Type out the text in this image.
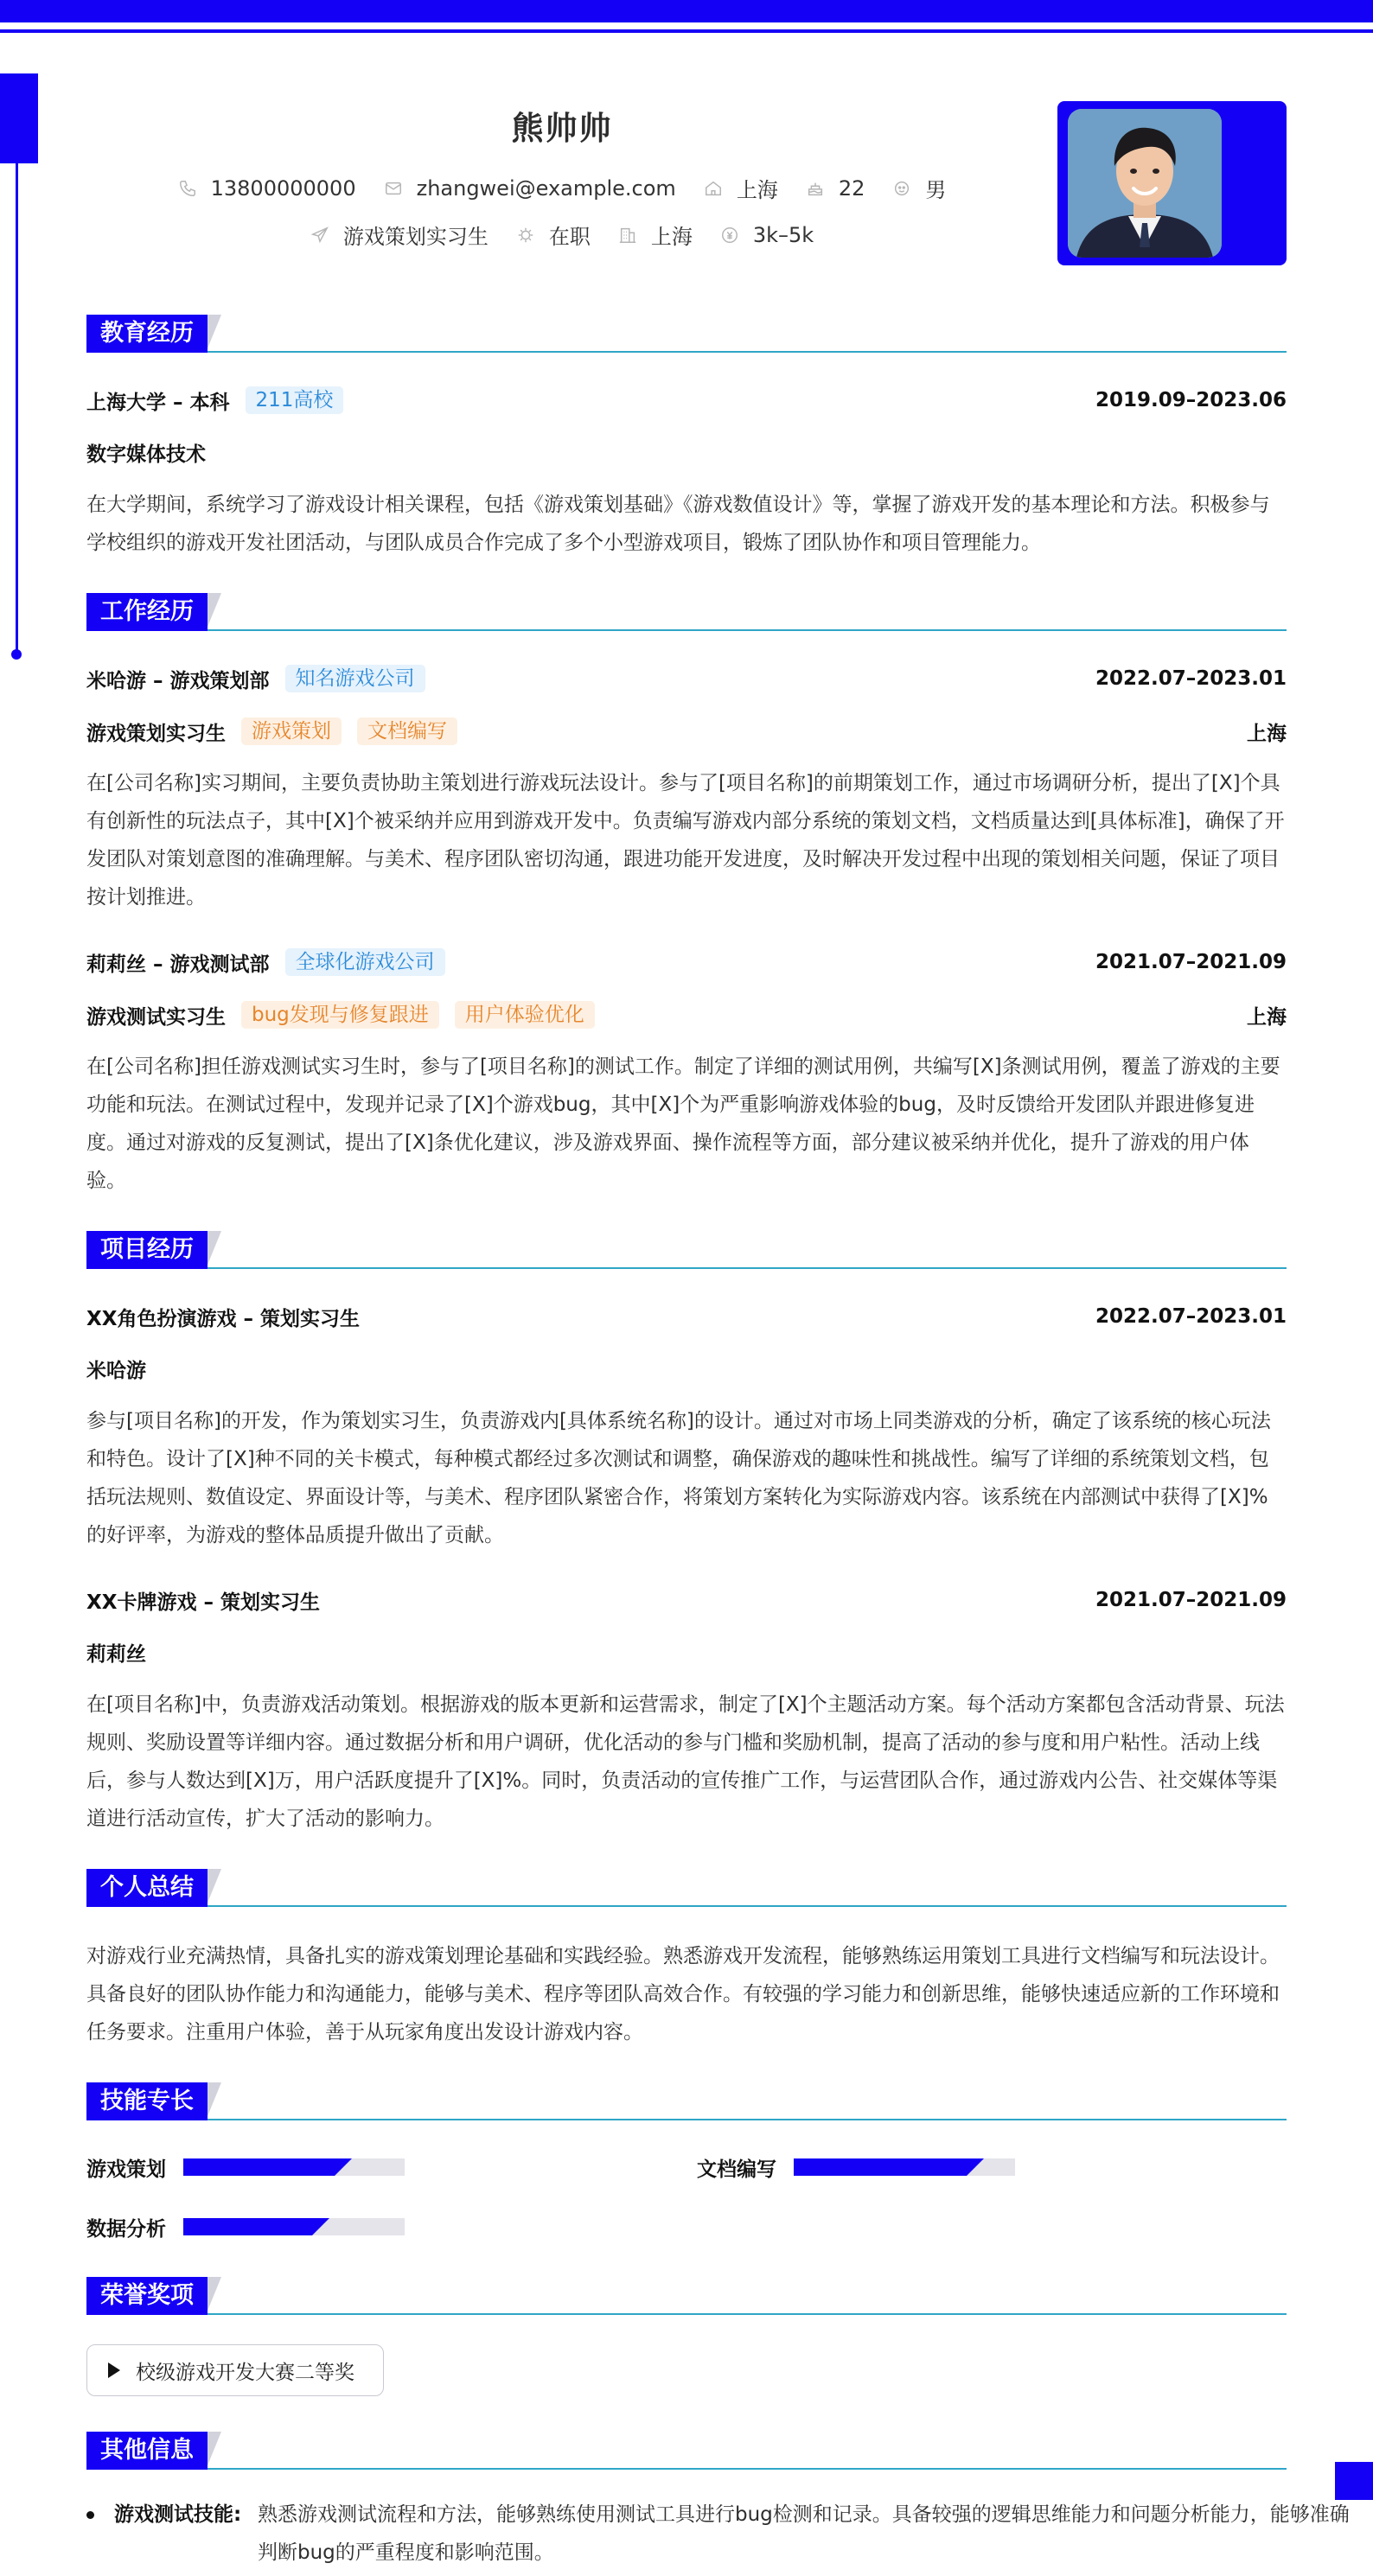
熊帅帅
13800000000	zhangwei@example.com	上海	22	男
游戏策划实习生	在职	上海	3k–5k
教育经历
上海大学 – 本科	211高校	2019.09–2023.06
数字媒体技术

在大学期间，系统学习了游戏设计相关课程，包括《游戏策划基础》《游戏数值设计》等，掌握了游戏开发的基本理论和方法。积极参与学校组织的游戏开发社团活动，与团队成员合作完成了多个小型游戏项目，锻炼了团队协作和项目管理能力。

工作经历
米哈游 – 游戏策划部	知名游戏公司	2022.07–2023.01
游戏策划实习生	游戏策划	文档编写	上海

在[公司名称]实习期间，主要负责协助主策划进行游戏玩法设计。参与了[项目名称]的前期策划工作，通过市场调研分析，提出了[X]个具有创新性的玩法点子，其中[X]个被采纳并应用到游戏开发中。负责编写游戏内部分系统的策划文档，文档质量达到[具体标准]，确保了开发团队对策划意图的准确理解。与美术、程序团队密切沟通，跟进功能开发进度，及时解决开发过程中出现的策划相关问题，保证了项目按计划推进。

莉莉丝 – 游戏测试部	全球化游戏公司	2021.07–2021.09
游戏测试实习生	bug发现与修复跟进	用户体验优化	上海

在[公司名称]担任游戏测试实习生时，参与了[项目名称]的测试工作。制定了详细的测试用例，共编写[X]条测试用例，覆盖了游戏的主要功能和玩法。在测试过程中，发现并记录了[X]个游戏bug，其中[X]个为严重影响游戏体验的bug，及时反馈给开发团队并跟进修复进度。通过对游戏的反复测试，提出了[X]条优化建议，涉及游戏界面、操作流程等方面，部分建议被采纳并优化，提升了游戏的用户体验。

项目经历
XX角色扮演游戏 – 策划实习生	2022.07–2023.01
米哈游

参与[项目名称]的开发，作为策划实习生，负责游戏内[具体系统名称]的设计。通过对市场上同类游戏的分析，确定了该系统的核心玩法和特色。设计了[X]种不同的关卡模式，每种模式都经过多次测试和调整，确保游戏的趣味性和挑战性。编写了详细的系统策划文档，包括玩法规则、数值设定、界面设计等，与美术、程序团队紧密合作，将策划方案转化为实际游戏内容。该系统在内部测试中获得了[X]%的好评率，为游戏的整体品质提升做出了贡献。

XX卡牌游戏 – 策划实习生	2021.07–2021.09
莉莉丝

在[项目名称]中，负责游戏活动策划。根据游戏的版本更新和运营需求，制定了[X]个主题活动方案。每个活动方案都包含活动背景、玩法规则、奖励设置等详细内容。通过数据分析和用户调研，优化活动的参与门槛和奖励机制，提高了活动的参与度和用户粘性。活动上线后，参与人数达到[X]万，用户活跃度提升了[X]%。同时，负责活动的宣传推广工作，与运营团队合作，通过游戏内公告、社交媒体等渠道进行活动宣传，扩大了活动的影响力。

个人总结

对游戏行业充满热情，具备扎实的游戏策划理论基础和实践经验。熟悉游戏开发流程，能够熟练运用策划工具进行文档编写和玩法设计。具备良好的团队协作能力和沟通能力，能够与美术、程序等团队高效合作。有较强的学习能力和创新思维，能够快速适应新的工作环境和任务要求。注重用户体验，善于从玩家角度出发设计游戏内容。

技能专长
游戏策划	文档编写
数据分析
荣誉奖项
校级游戏开发大赛二等奖
其他信息
游戏测试技能: 熟悉游戏测试流程和方法，能够熟练使用测试工具进行bug检测和记录。具备较强的逻辑思维能力和问题分析能力，能够准确判断bug的严重程度和影响范围。
